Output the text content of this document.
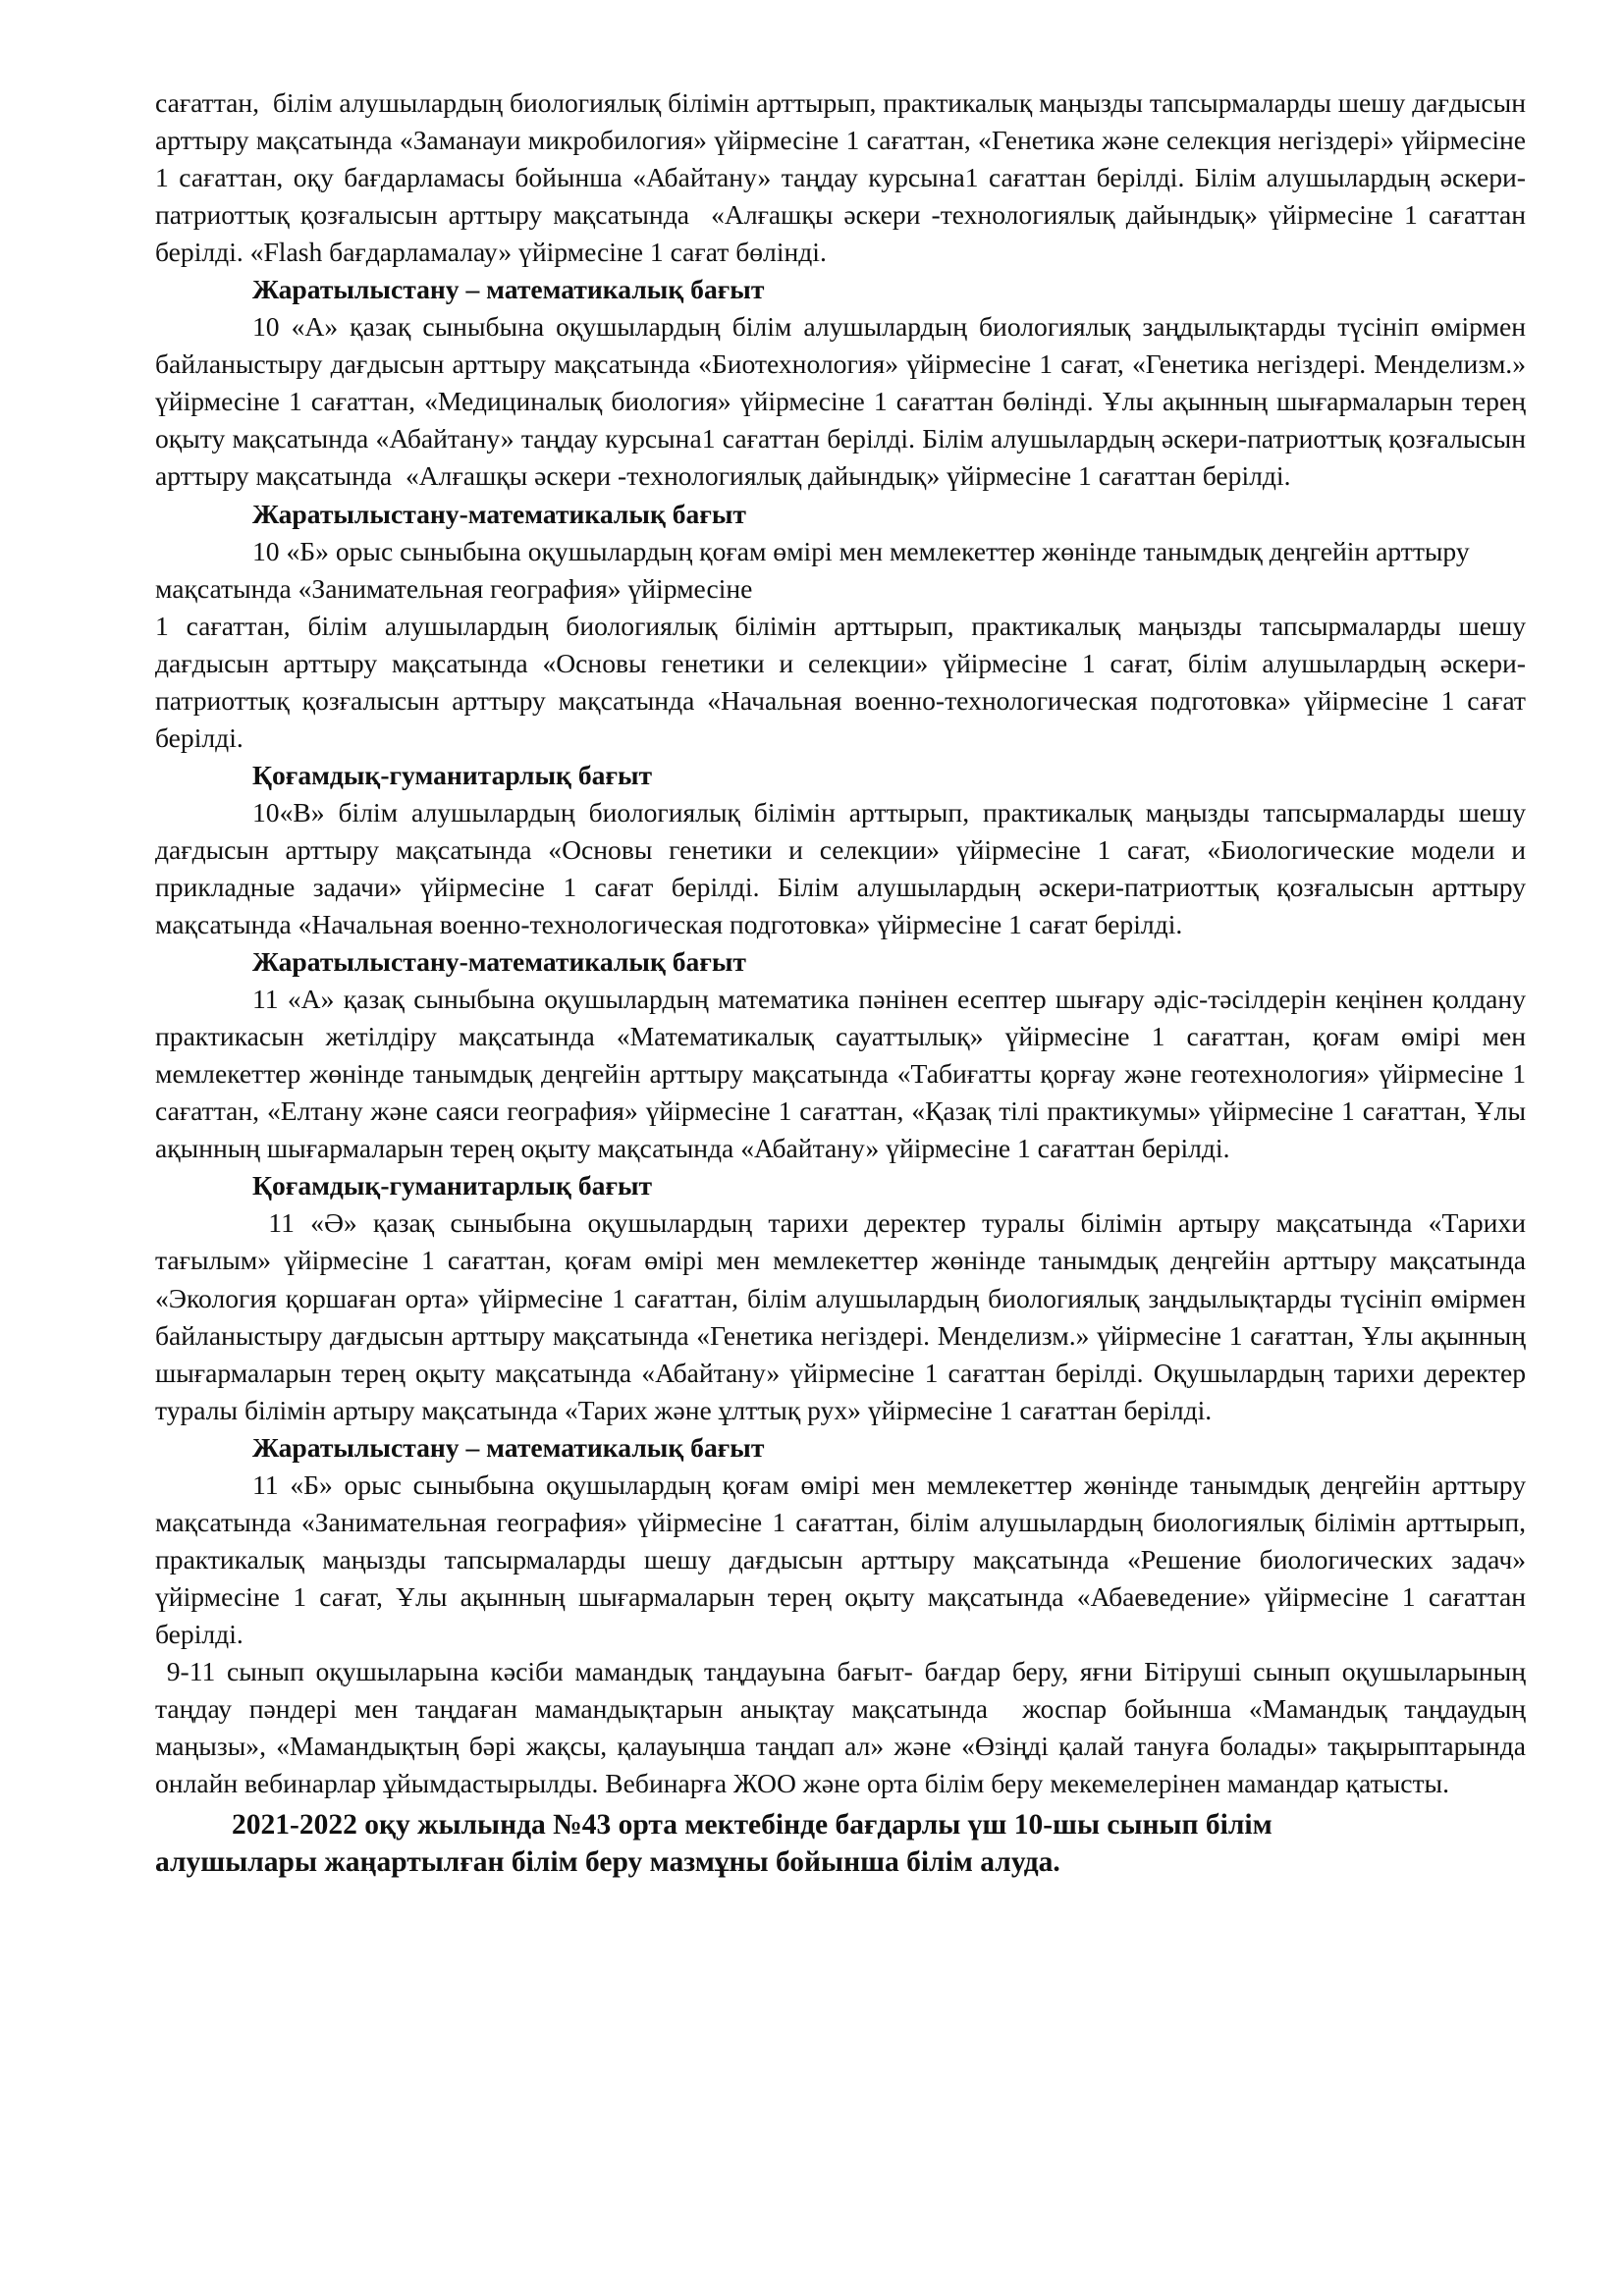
сағаттан,  білім алушылардың биологиялық білімін арттырып, практикалық маңызды тапсырмаларды шешу дағдысын арттыру мақсатында «Заманауи микробилогия» үйірмесіне 1 сағаттан, «Генетика және селекция негіздері» үйірмесіне 1 сағаттан, оқу бағдарламасы бойынша «Абайтану» таңдау курсына1 сағаттан берілді. Білім алушылардың әскери-патриоттық қозғалысын арттыру мақсатында  «Алғашқы әскери -технологиялық дайындық» үйірмесіне 1 сағаттан берілді. «Flash бағдарламалау» үйірмесіне 1 сағат бөлінді.

Жаратылыстану – математикалық бағыт

10 «А» қазақ сыныбына оқушылардың білім алушылардың биологиялық заңдылықтарды түсініп өмірмен байланыстыру дағдысын арттыру мақсатында «Биотехнология» үйірмесіне 1 сағат, «Генетика негіздері. Менделизм.» үйірмесіне 1 сағаттан, «Медициналық биология» үйірмесіне 1 сағаттан бөлінді. Ұлы ақынның шығармаларын терең оқыту мақсатында «Абайтану» таңдау курсына1 сағаттан берілді. Білім алушылардың әскери-патриоттық қозғалысын арттыру мақсатында  «Алғашқы әскери -технологиялық дайындық» үйірмесіне 1 сағаттан берілді.

Жаратылыстану-математикалық бағыт

10 «Б» орыс сыныбына оқушылардың қоғам өмірі мен мемлекеттер жөнінде танымдық деңгейін арттыру мақсатында «Занимательная география» үйірмесіне

1 сағаттан, білім алушылардың биологиялық білімін арттырып, практикалық маңызды тапсырмаларды шешу дағдысын арттыру мақсатында «Основы генетики и селекции» үйірмесіне 1 сағат, білім алушылардың әскери-патриоттық қозғалысын арттыру мақсатында «Начальная военно-технологическая подготовка» үйірмесіне 1 сағат берілді.

Қоғамдық-гуманитарлық бағыт

10«В» білім алушылардың биологиялық білімін арттырып, практикалық маңызды тапсырмаларды шешу дағдысын арттыру мақсатында «Основы генетики и селекции» үйірмесіне 1 сағат, «Биологические модели и прикладные задачи» үйірмесіне 1 сағат берілді. Білім алушылардың әскери-патриоттық қозғалысын арттыру мақсатында «Начальная военно-технологическая подготовка» үйірмесіне 1 сағат берілді.

Жаратылыстану-математикалық бағыт

11 «А» қазақ сыныбына оқушылардың математика пәнінен есептер шығару әдіс-тәсілдерін кеңінен қолдану практикасын жетілдіру мақсатында «Математикалық сауаттылық» үйірмесіне 1 сағаттан, қоғам өмірі мен мемлекеттер жөнінде танымдық деңгейін арттыру мақсатында «Табиғатты қорғау және геотехнология» үйірмесіне 1 сағаттан, «Елтану және саяси география» үйірмесіне 1 сағаттан, «Қазақ тілі практикумы» үйірмесіне 1 сағаттан, Ұлы ақынның шығармаларын терең оқыту мақсатында «Абайтану» үйірмесіне 1 сағаттан берілді.

Қоғамдық-гуманитарлық бағыт

11 «Ә» қазақ сыныбына оқушылардың тарихи деректер туралы білімін артыру мақсатында «Тарихи тағылым» үйірмесіне 1 сағаттан, қоғам өмірі мен мемлекеттер жөнінде танымдық деңгейін арттыру мақсатында «Экология қоршаған орта» үйірмесіне 1 сағаттан, білім алушылардың биологиялық заңдылықтарды түсініп өмірмен байланыстыру дағдысын арттыру мақсатында «Генетика негіздері. Менделизм.» үйірмесіне 1 сағаттан, Ұлы ақынның шығармаларын терең оқыту мақсатында «Абайтану» үйірмесіне 1 сағаттан берілді. Оқушылардың тарихи деректер туралы білімін артыру мақсатында «Тарих және ұлттық рух» үйірмесіне 1 сағаттан берілді.

Жаратылыстану – математикалық бағыт

11 «Б» орыс сыныбына оқушылардың қоғам өмірі мен мемлекеттер жөнінде танымдық деңгейін арттыру мақсатында «Занимательная география» үйірмесіне 1 сағаттан, білім алушылардың биологиялық білімін арттырып, практикалық маңызды тапсырмаларды шешу дағдысын арттыру мақсатында «Решение биологических задач» үйірмесіне 1 сағат, Ұлы ақынның шығармаларын терең оқыту мақсатында «Абаеведение» үйірмесіне 1 сағаттан берілді.

9-11 сынып оқушыларына кәсіби мамандық таңдауына бағыт- бағдар беру, яғни Бітіруші сынып оқушыларының таңдау пәндері мен таңдаған мамандықтарын анықтау мақсатында  жоспар бойынша «Мамандық таңдаудың маңызы», «Мамандықтың бәрі жақсы, қалауыңша таңдап ал» және «Өзіңді қалай тануға болады» тақырыптарында онлайн вебинарлар ұйымдастырылды. Вебинарға ЖОО және орта білім беру мекемелерінен мамандар қатысты.

2021-2022 оқу жылында №43 орта мектебінде бағдарлы үш 10-шы сынып білім алушылары жаңартылған білім беру мазмұны бойынша білім алуда.
